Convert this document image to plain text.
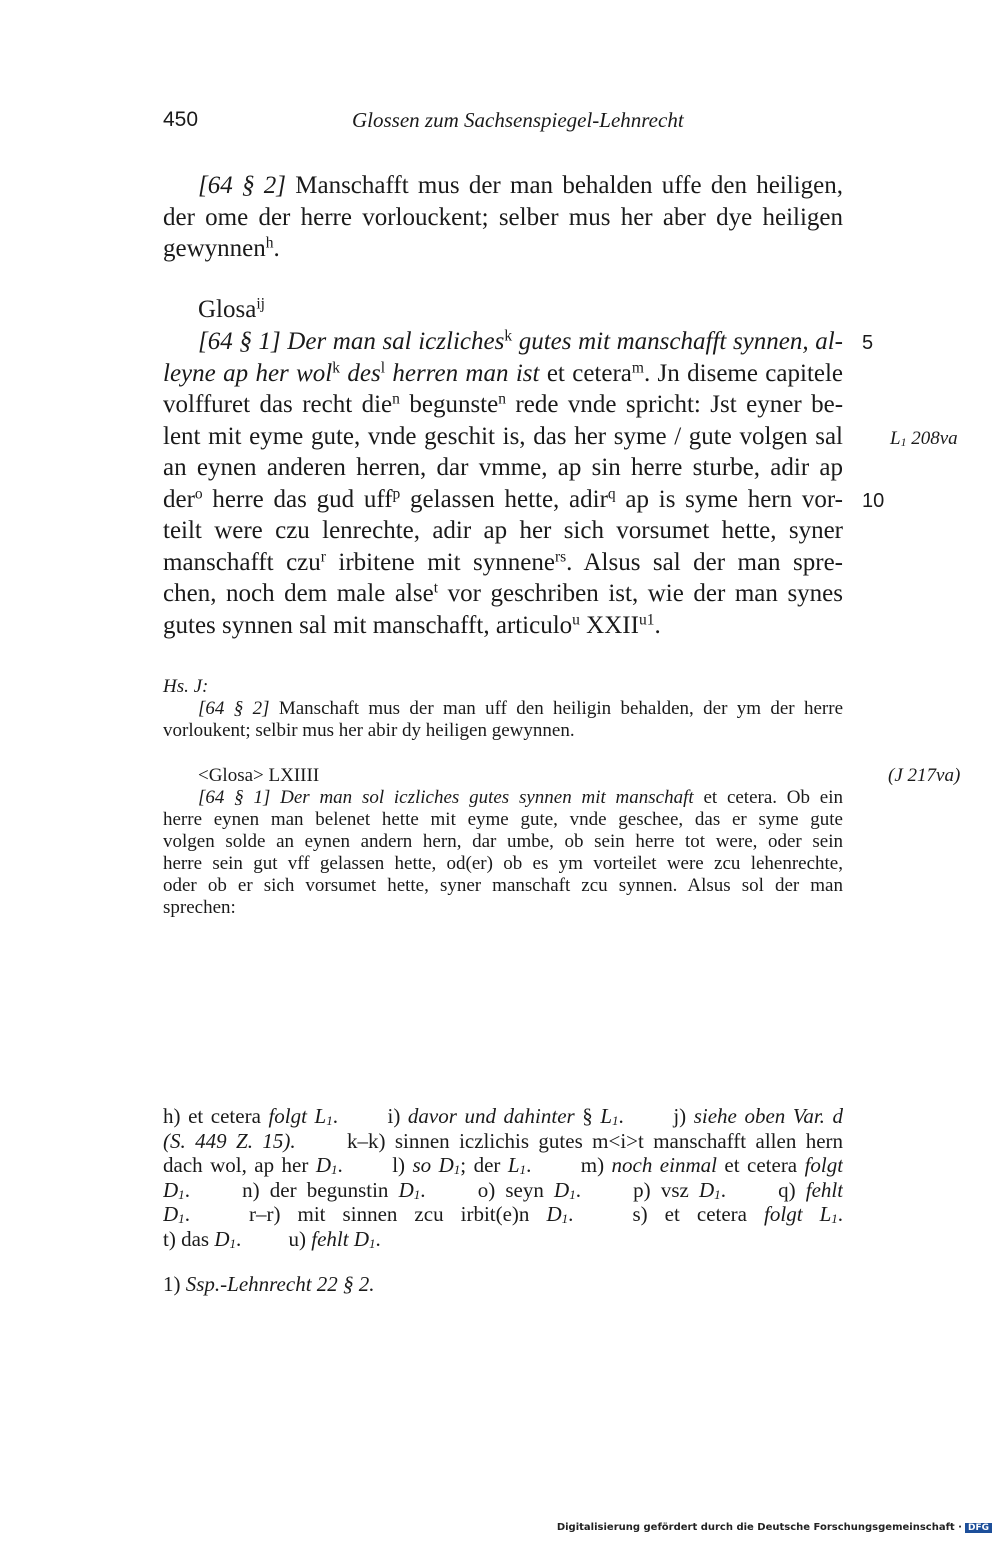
450	Glossen zum Sachsenspiegel-Lehnrecht
[64 § 2] Manschafft mus der man behalden uffe den heiligen,
der ome der herre vorlouckent; selber mus her aber dye heiligen
gewynnen$^h$.
Glosa$^{ij}$
[64 § 1] Der man sal iczliches$^k$ gutes mit manschafft synnen, al-
leyne ap her wol$^k$ des$^l$ herren man ist et cetera$^m$. Jn diseme capitele
volffuret das recht die$^n$ begunste$^n$ rede vnde spricht: Jst eyner be-
lent mit eyme gute, vnde geschit is, das her syme / gute volgen sal
an eynen anderen herren, dar vmme, ap sin herre sturbe, adir ap
der$^o$ herre das gud uff$^p$ gelassen hette, adir$^q$ ap is syme hern vor-
teilt were czu lenrechte, adir ap her sich vorsumet hette, syner
manschafft czu$^r$ irbitene mit synnene$^{rs}$. Alsus sal der man spre-
chen, noch dem male alse$^t$ vor geschriben ist, wie der man synes
gutes synnen sal mit manschafft, articulo$^u$ $XXII^{u1}$.
5
10
$L_1$ 208va
Hs. J:
[64 § 2] Manschaft mus der man uff den heiligin behalden, der ym der herre
vorloukent; selbir mus her abir dy heiligen gewynnen.
<Glosa> LXIIII
[64 § 1] Der man sol iczliches gutes synnen mit manschaft et cetera. Ob ein
herre eynen man belenet hette mit eyme gute, vnde geschee, das er syme gute
volgen solde an eynen andern hern, dar umbe, ob sein herre tot were, oder sein
herre sein gut vff gelassen hette, od(er) ob es ym vorteilet were zcu lehenrechte,
oder ob er sich vorsumet hette, syner manschaft zcu synnen. Alsus sol der man
sprechen:
(J 217va)
h) et cetera folgt $L_1$.    i) davor und dahinter § $L_1$.    j) siehe oben Var. d
(S. 449 Z. 15).    k–k) sinnen iczlichis gutes m<i>t manschafft allen hern
dach wol, ap her $D_1$.    l) so $D_1$; der $L_1$.    m) noch einmal et cetera folgt
$D_1$.    n) der begunstin $D_1$.    o) seyn $D_1$.    p) vsz $D_1$.    q) fehlt
$D_1$.   	r–r) mit sinnen zcu irbit(e)n $D_1$.   	s) et cetera folgt $L_1$.
t) das $D_1$.    u) fehlt $D_1$.
1) Ssp.-Lehnrecht 22 § 2.
Digitalisierung gefördert durch die Deutsche Forschungsgemeinschaft · DFG
